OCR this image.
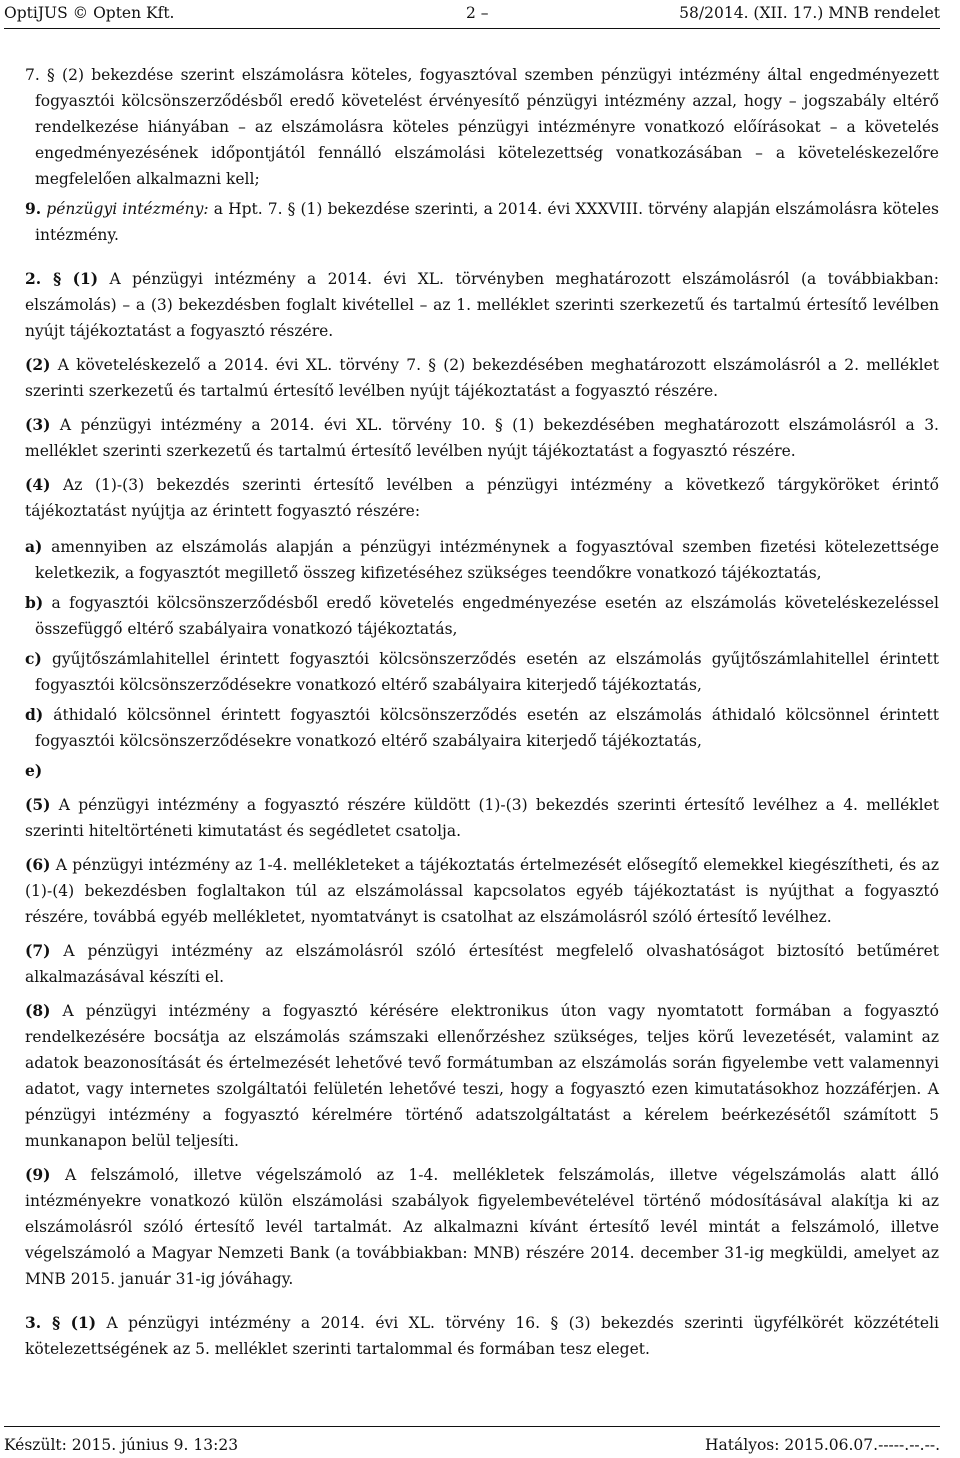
OptiJUS © Opten Kft.	2 –	58/2014. (XII. 17.) MNB rendelet

7. § (2) bekezdése szerint elszámolásra köteles, fogyasztóval szemben pénzügyi intézmény által engedményezett fogyasztói kölcsönszerződésből eredő követelést érvényesítő pénzügyi intézmény azzal, hogy – jogszabály eltérő rendelkezése hiányában – az elszámolásra köteles pénzügyi intézményre vonatkozó előírásokat – a követelés engedményezésének időpontjától fennálló elszámolási kötelezettség vonatkozásában – a követeléskezelőre megfelelően alkalmazni kell;

9. pénzügyi intézmény: a Hpt. 7. § (1) bekezdése szerinti, a 2014. évi XXXVIII. törvény alapján elszámolásra köteles intézmény.

2. § (1) A pénzügyi intézmény a 2014. évi XL. törvényben meghatározott elszámolásról (a továbbiakban: elszámolás) – a (3) bekezdésben foglalt kivétellel – az 1. melléklet szerinti szerkezetű és tartalmú értesítő levélben nyújt tájékoztatást a fogyasztó részére.

(2) A követeléskezelő a 2014. évi XL. törvény 7. § (2) bekezdésében meghatározott elszámolásról a 2. melléklet szerinti szerkezetű és tartalmú értesítő levélben nyújt tájékoztatást a fogyasztó részére.

(3) A pénzügyi intézmény a 2014. évi XL. törvény 10. § (1) bekezdésében meghatározott elszámolásról a 3. melléklet szerinti szerkezetű és tartalmú értesítő levélben nyújt tájékoztatást a fogyasztó részére.

(4) Az (1)-(3) bekezdés szerinti értesítő levélben a pénzügyi intézmény a következő tárgyköröket érintő tájékoztatást nyújtja az érintett fogyasztó részére:

a) amennyiben az elszámolás alapján a pénzügyi intézménynek a fogyasztóval szemben fizetési kötelezettsége keletkezik, a fogyasztót megillető összeg kifizetéséhez szükséges teendőkre vonatkozó tájékoztatás,

b) a fogyasztói kölcsönszerződésből eredő követelés engedményezése esetén az elszámolás követeléskezeléssel összefüggő eltérő szabályaira vonatkozó tájékoztatás,

c) gyűjtőszámlahitellel érintett fogyasztói kölcsönszerződés esetén az elszámolás gyűjtőszámlahitellel érintett fogyasztói kölcsönszerződésekre vonatkozó eltérő szabályaira kiterjedő tájékoztatás,

d) áthidaló kölcsönnel érintett fogyasztói kölcsönszerződés esetén az elszámolás áthidaló kölcsönnel érintett fogyasztói kölcsönszerződésekre vonatkozó eltérő szabályaira kiterjedő tájékoztatás,

e)

(5) A pénzügyi intézmény a fogyasztó részére küldött (1)-(3) bekezdés szerinti értesítő levélhez a 4. melléklet szerinti hiteltörténeti kimutatást és segédletet csatolja.

(6) A pénzügyi intézmény az 1-4. mellékleteket a tájékoztatás értelmezését elősegítő elemekkel kiegészítheti, és az (1)-(4) bekezdésben foglaltakon túl az elszámolással kapcsolatos egyéb tájékoztatást is nyújthat a fogyasztó részére, továbbá egyéb mellékletet, nyomtatványt is csatolhat az elszámolásról szóló értesítő levélhez.

(7) A pénzügyi intézmény az elszámolásról szóló értesítést megfelelő olvashatóságot biztosító betűméret alkalmazásával készíti el.

(8) A pénzügyi intézmény a fogyasztó kérésére elektronikus úton vagy nyomtatott formában a fogyasztó rendelkezésére bocsátja az elszámolás számszaki ellenőrzéshez szükséges, teljes körű levezetését, valamint az adatok beazonosítását és értelmezését lehetővé tevő formátumban az elszámolás során figyelembe vett valamennyi adatot, vagy internetes szolgáltatói felületén lehetővé teszi, hogy a fogyasztó ezen kimutatásokhoz hozzáférjen. A pénzügyi intézmény a fogyasztó kérelmére történő adatszolgáltatást a kérelem beérkezésétől számított 5 munkanapon belül teljesíti.

(9) A felszámoló, illetve végelszámoló az 1-4. mellékletek felszámolás, illetve végelszámolás alatt álló intézményekre vonatkozó külön elszámolási szabályok figyelembevételével történő módosításával alakítja ki az elszámolásról szóló értesítő levél tartalmát. Az alkalmazni kívánt értesítő levél mintát a felszámoló, illetve végelszámoló a Magyar Nemzeti Bank (a továbbiakban: MNB) részére 2014. december 31-ig megküldi, amelyet az MNB 2015. január 31-ig jóváhagy.

3. § (1) A pénzügyi intézmény a 2014. évi XL. törvény 16. § (3) bekezdés szerinti ügyfélkörét közzétételi kötelezettségének az 5. melléklet szerinti tartalommal és formában tesz eleget.

Készült: 2015. június 9. 13:23	Hatályos: 2015.06.07.-----.--.--.
